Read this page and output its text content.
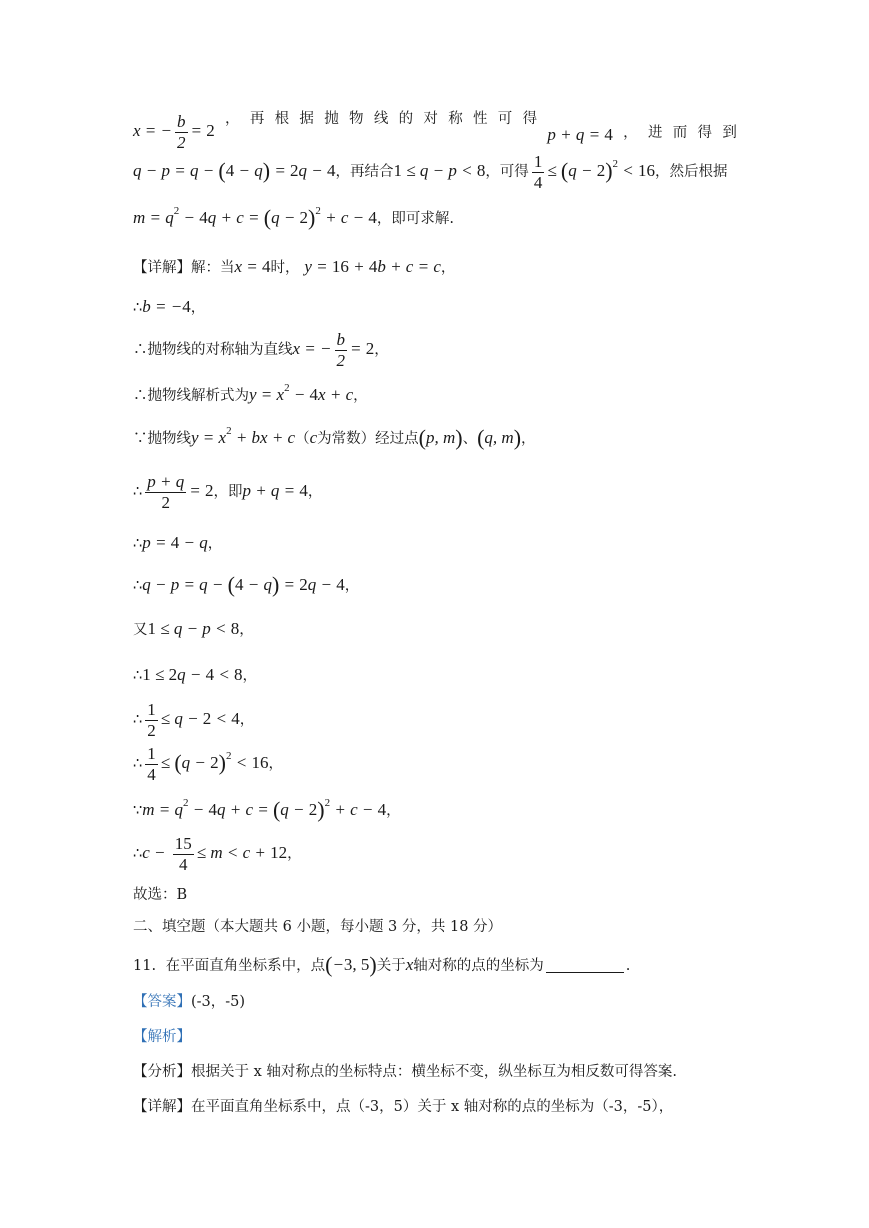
x = − $\frac{b}{2} = 2$
， 再 根 据 抛 物 线 的 对 称 性 可 得
p + q = 4 ， 进 而 得 到
q − p = q − (4 − q) = 2q − 4，再结合1 ≤ q − p < 8，可得 $\frac{1}{4} \le (q - 2)^2 < 16$，然后根据
$m = q^2 - 4q + c = (q - 2)^2 + c - 4$，即可求解.
【详解】解：当x = 4时， y = 16 + 4b + c = c，
∴b = −4，
∴抛物线的对称轴为直线x = − $\frac{b}{2} = 2$，
∴抛物线解析式为$y = x^2 - 4x + c$，
∵抛物线$y = x^2$ + bx + c（c为常数）经过点(p, m)、(q, m)，
∴ $\frac{p + q}{2} = 2$，即p + q = 4，
∴p = 4 − q，
∴q − p = q − (4 − q) = 2q − 4，
又1 ≤ q − p < 8，
∴1 ≤ 2q − 4 < 8，
∴ $\frac{1}{2} \le q - 2 < 4$，
∴ $\frac{1}{4} \le (q - 2)^2 < 16$，
∵m = $q^2 - 4q + c = (q - 2)^2 + c - 4$，
∴c − $\frac{15}{4} \le m < c + 12$，
故选：B
二、填空题（本大题共 6 小题，每小题 3 分，共 18 分）
11. 在平面直角坐标系中，点(−3, 5)关于x轴对称的点的坐标为	.
【答案】(-3，-5)
【解析】
【分析】根据关于 x 轴对称点的坐标特点：横坐标不变，纵坐标互为相反数可得答案.
【详解】在平面直角坐标系中，点（-3，5）关于 x 轴对称的点的坐标为（-3，-5），
